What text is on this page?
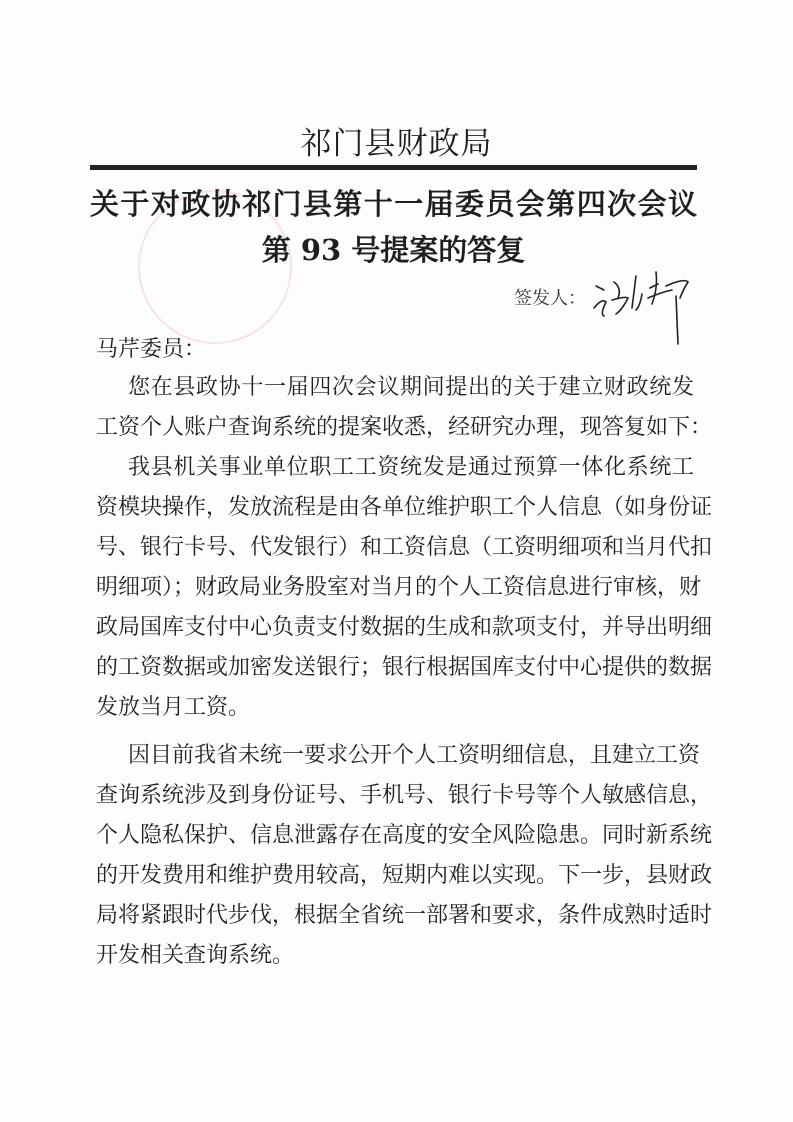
祁门县财政局
关于对政协祁门县第十一届委员会第四次会议
第 93 号提案的答复
签发人：
马芹委员：
您在县政协十一届四次会议期间提出的关于建立财政统发
工资个人账户查询系统的提案收悉，经研究办理，现答复如下：
我县机关事业单位职工工资统发是通过预算一体化系统工
资模块操作，发放流程是由各单位维护职工个人信息（如身份证
号、银行卡号、代发银行）和工资信息（工资明细项和当月代扣
明细项）；财政局业务股室对当月的个人工资信息进行审核，财
政局国库支付中心负责支付数据的生成和款项支付，并导出明细
的工资数据或加密发送银行；银行根据国库支付中心提供的数据
发放当月工资。
因目前我省未统一要求公开个人工资明细信息，且建立工资
查询系统涉及到身份证号、手机号、银行卡号等个人敏感信息，
个人隐私保护、信息泄露存在高度的安全风险隐患。同时新系统
的开发费用和维护费用较高，短期内难以实现。下一步，县财政
局将紧跟时代步伐，根据全省统一部署和要求，条件成熟时适时
开发相关查询系统。
